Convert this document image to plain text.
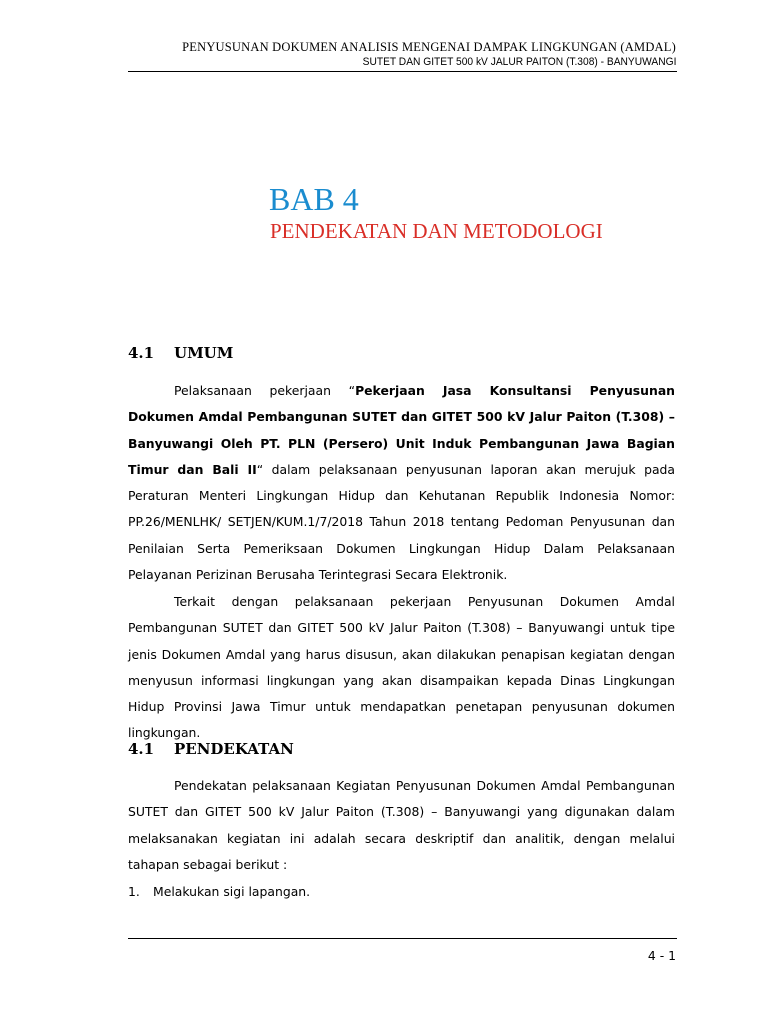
PENYUSUNAN DOKUMEN ANALISIS MENGENAI DAMPAK LINGKUNGAN (AMDAL)
SUTET DAN GITET 500 kV JALUR PAITON (T.308) - BANYUWANGI
BAB 4
PENDEKATAN DAN METODOLOGI
4.1 UMUM

Pelaksanaan pekerjaan “Pekerjaan Jasa Konsultansi Penyusunan Dokumen Amdal Pembangunan SUTET dan GITET 500 kV Jalur Paiton (T.308) – Banyuwangi Oleh PT. PLN (Persero) Unit Induk Pembangunan Jawa Bagian Timur dan Bali II“ dalam pelaksanaan penyusunan laporan akan merujuk pada Peraturan Menteri Lingkungan Hidup dan Kehutanan Republik Indonesia Nomor: PP.26/MENLHK/ SETJEN/KUM.1/7/2018 Tahun 2018 tentang Pedoman Penyusunan dan Penilaian Serta Pemeriksaan Dokumen Lingkungan Hidup Dalam Pelaksanaan Pelayanan Perizinan Berusaha Terintegrasi Secara Elektronik.

Terkait dengan pelaksanaan pekerjaan Penyusunan Dokumen Amdal Pembangunan SUTET dan GITET 500 kV Jalur Paiton (T.308) – Banyuwangi untuk tipe jenis Dokumen Amdal yang harus disusun, akan dilakukan penapisan kegiatan dengan menyusun informasi lingkungan yang akan disampaikan kepada Dinas Lingkungan Hidup Provinsi Jawa Timur untuk mendapatkan penetapan penyusunan dokumen lingkungan.

4.1 PENDEKATAN

Pendekatan pelaksanaan Kegiatan Penyusunan Dokumen Amdal Pembangunan SUTET dan GITET 500 kV Jalur Paiton (T.308) – Banyuwangi yang digunakan dalam melaksanakan kegiatan ini adalah secara deskriptif dan analitik, dengan melalui tahapan sebagai berikut :

1. Melakukan sigi lapangan.
4 - 1
